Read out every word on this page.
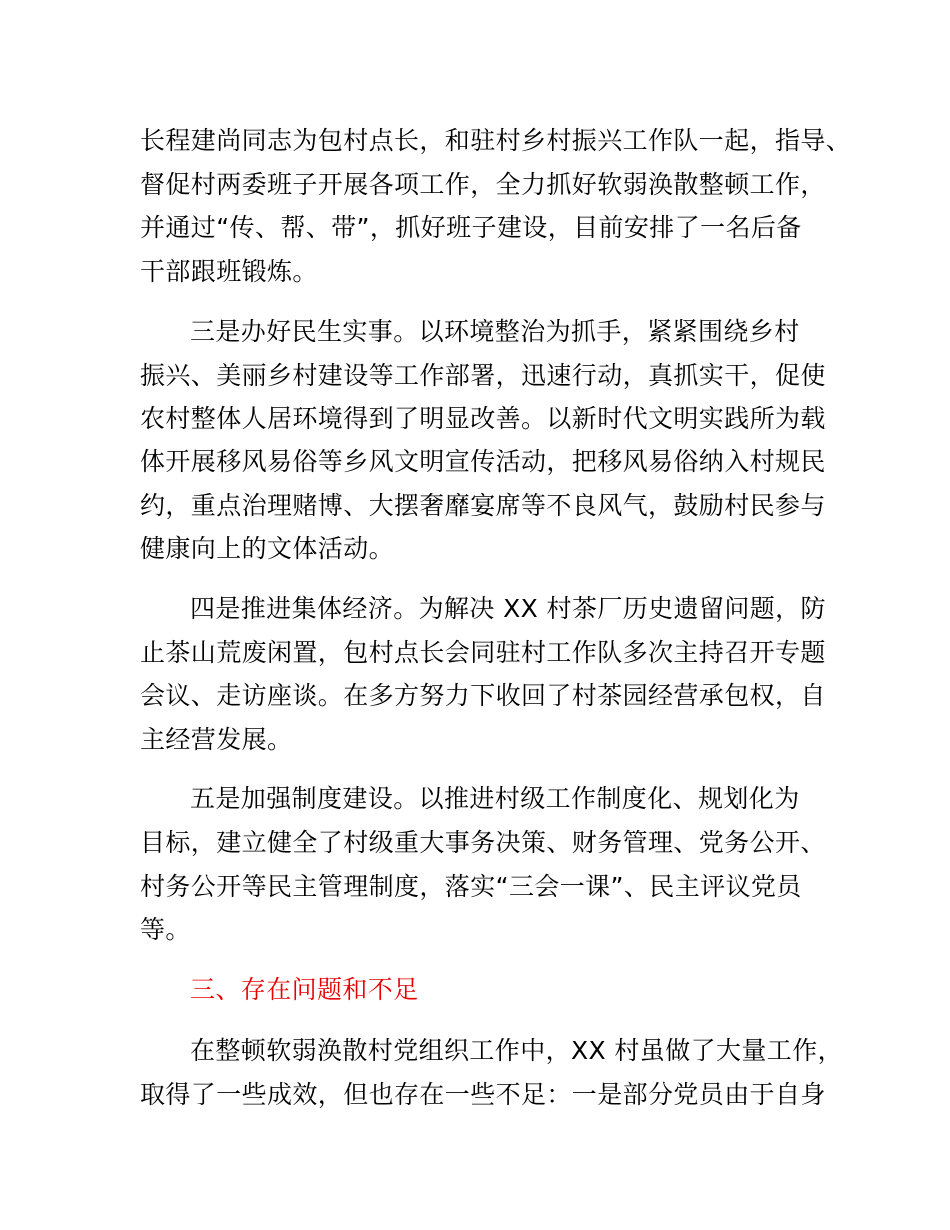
长程建尚同志为包村点长，和驻村乡村振兴工作队一起，指导、
督促村两委班子开展各项工作，全力抓好软弱涣散整顿工作，
并通过“传、帮、带”，抓好班子建设，目前安排了一名后备
干部跟班锻炼。
三是办好民生实事。以环境整治为抓手，紧紧围绕乡村
振兴、美丽乡村建设等工作部署，迅速行动，真抓实干，促使
农村整体人居环境得到了明显改善。以新时代文明实践所为载
体开展移风易俗等乡风文明宣传活动，把移风易俗纳入村规民
约，重点治理赌博、大摆奢靡宴席等不良风气，鼓励村民参与
健康向上的文体活动。
四是推进集体经济。为解决 XX 村茶厂历史遗留问题，防
止茶山荒废闲置，包村点长会同驻村工作队多次主持召开专题
会议、走访座谈。在多方努力下收回了村茶园经营承包权，自
主经营发展。
五是加强制度建设。以推进村级工作制度化、规划化为
目标，建立健全了村级重大事务决策、财务管理、党务公开、
村务公开等民主管理制度，落实“三会一课”、民主评议党员
等。
三、存在问题和不足
在整顿软弱涣散村党组织工作中，XX 村虽做了大量工作，
取得了一些成效，但也存在一些不足：一是部分党员由于自身
